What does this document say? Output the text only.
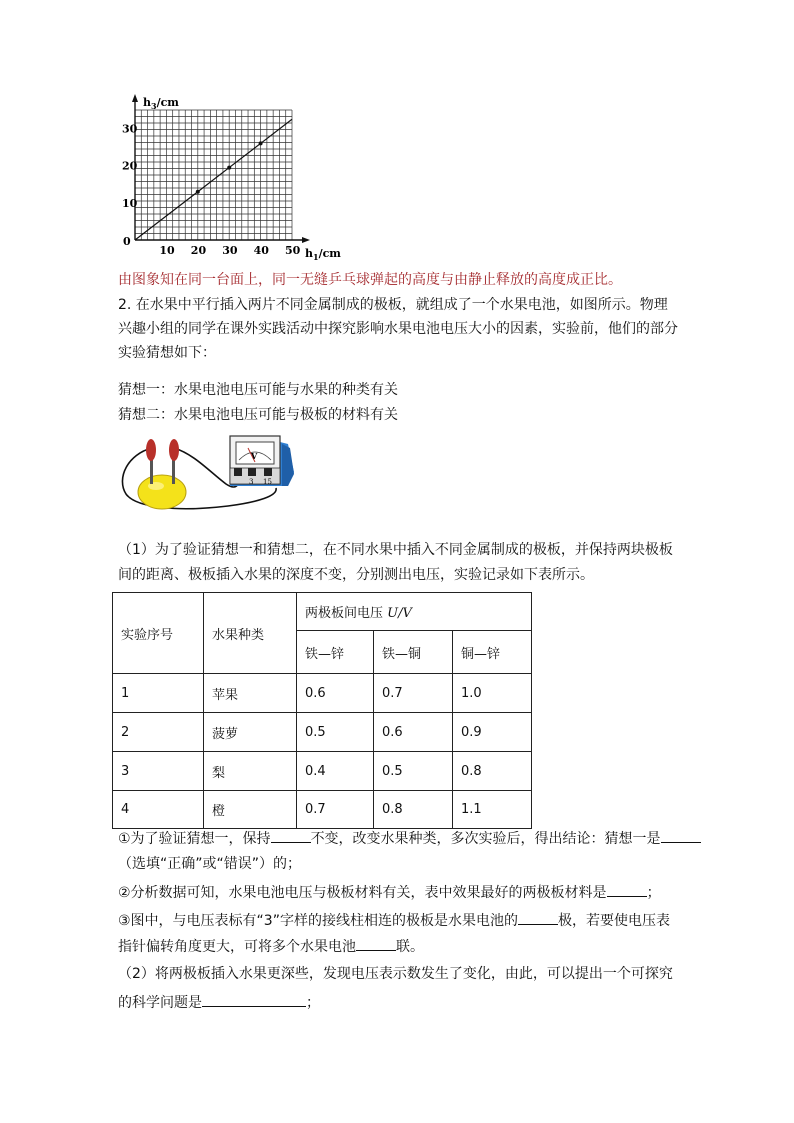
10 20 30 40 50
10
20
30
$h_3/cm$
$h_1/cm$
0
由图象知在同一台面上，同一无缝乒乓球弹起的高度与由静止释放的高度成正比。
2. 在水果中平行插入两片不同金属制成的极板，就组成了一个水果电池，如图所示。物理
兴趣小组的同学在课外实践活动中探究影响水果电池电压大小的因素，实验前，他们的部分
实验猜想如下：
猜想一：水果电池电压可能与水果的种类有关
猜想二：水果电池电压可能与极板的材料有关
V
3 15
（1）为了验证猜想一和猜想二，在不同水果中插入不同金属制成的极板，并保持两块极板
间的距离、极板插入水果的深度不变，分别测出电压，实验记录如下表所示。
实验序号	水果种类	两极板间电压 U/V		
		铁—锌	铁—铜	铜—锌
1	苹果	0.6	0.7	1.0
2	菠萝	0.5	0.6	0.9
3	梨	0.4	0.5	0.8
4	橙	0.7	0.8	1.1
①为了验证猜想一，保持	不变，改变水果种类，多次实验后，得出结论：猜想一是
（选填“正确”或“错误”）的；
②分析数据可知，水果电池电压与极板材料有关，表中效果最好的两极板材料是	；
③图中，与电压表标有“3”字样的接线柱相连的极板是水果电池的	极，若要使电压表
指针偏转角度更大，可将多个水果电池	联。
（2）将两极板插入水果更深些，发现电压表示数发生了变化，由此，可以提出一个可探究
的科学问题是	；
